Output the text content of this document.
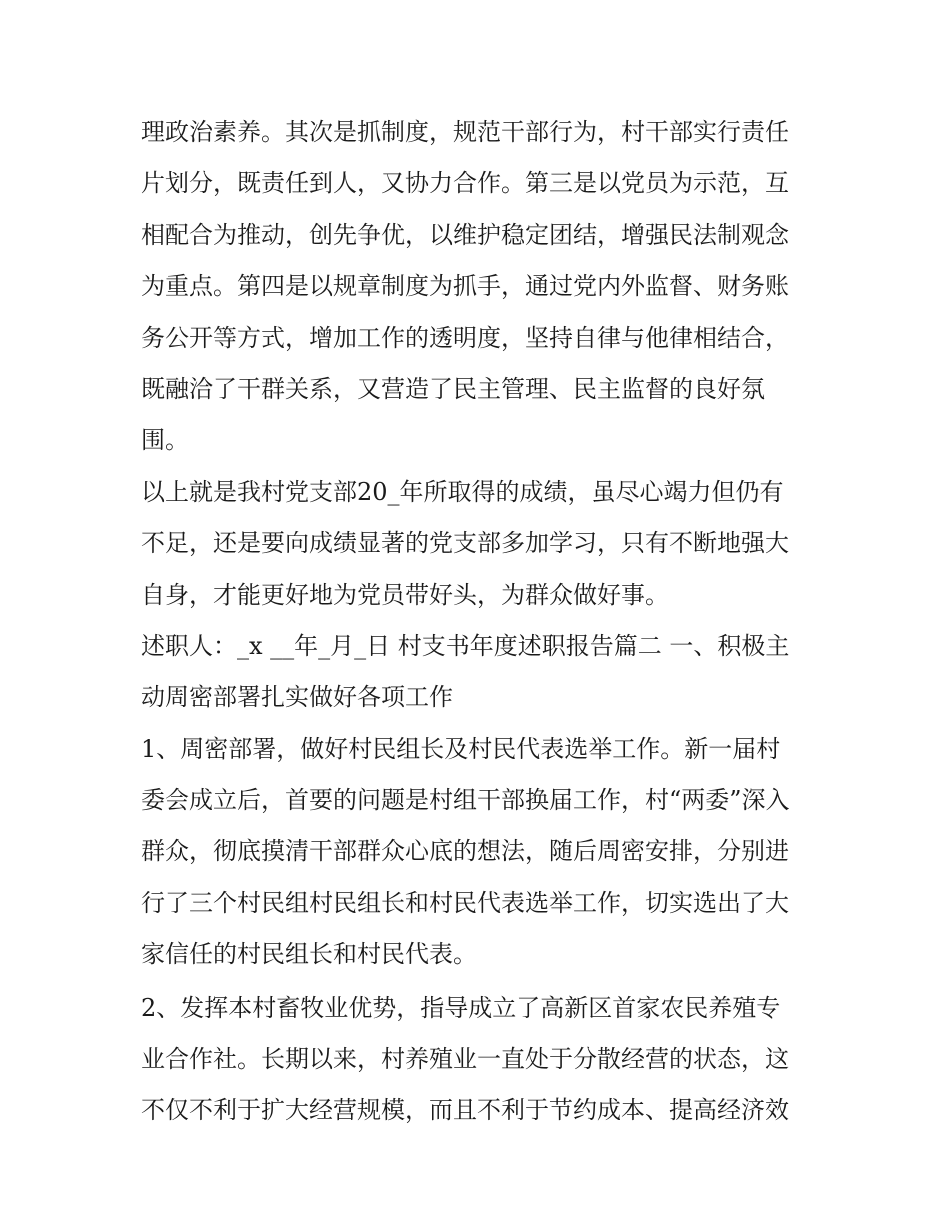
理政治素养。其次是抓制度，规范干部行为，村干部实行责任
片划分，既责任到人，又协力合作。第三是以党员为示范，互
相配合为推动，创先争优，以维护稳定团结，增强民法制观念
为重点。第四是以规章制度为抓手，通过党内外监督、财务账
务公开等方式，增加工作的透明度，坚持自律与他律相结合，
既融洽了干群关系，又营造了民主管理、民主监督的良好氛
围。
以上就是我村党支部20_年所取得的成绩，虽尽心竭力但仍有
不足，还是要向成绩显著的党支部多加学习，只有不断地强大
自身，才能更好地为党员带好头，为群众做好事。
述职人：_x __年_月_日 村支书年度述职报告篇二 一、积极主
动周密部署扎实做好各项工作
1、周密部署，做好村民组长及村民代表选举工作。新一届村
委会成立后，首要的问题是村组干部换届工作，村“两委”深入
群众，彻底摸清干部群众心底的想法，随后周密安排，分别进
行了三个村民组村民组长和村民代表选举工作，切实选出了大
家信任的村民组长和村民代表。
2、发挥本村畜牧业优势，指导成立了高新区首家农民养殖专
业合作社。长期以来，村养殖业一直处于分散经营的状态，这
不仅不利于扩大经营规模，而且不利于节约成本、提高经济效
